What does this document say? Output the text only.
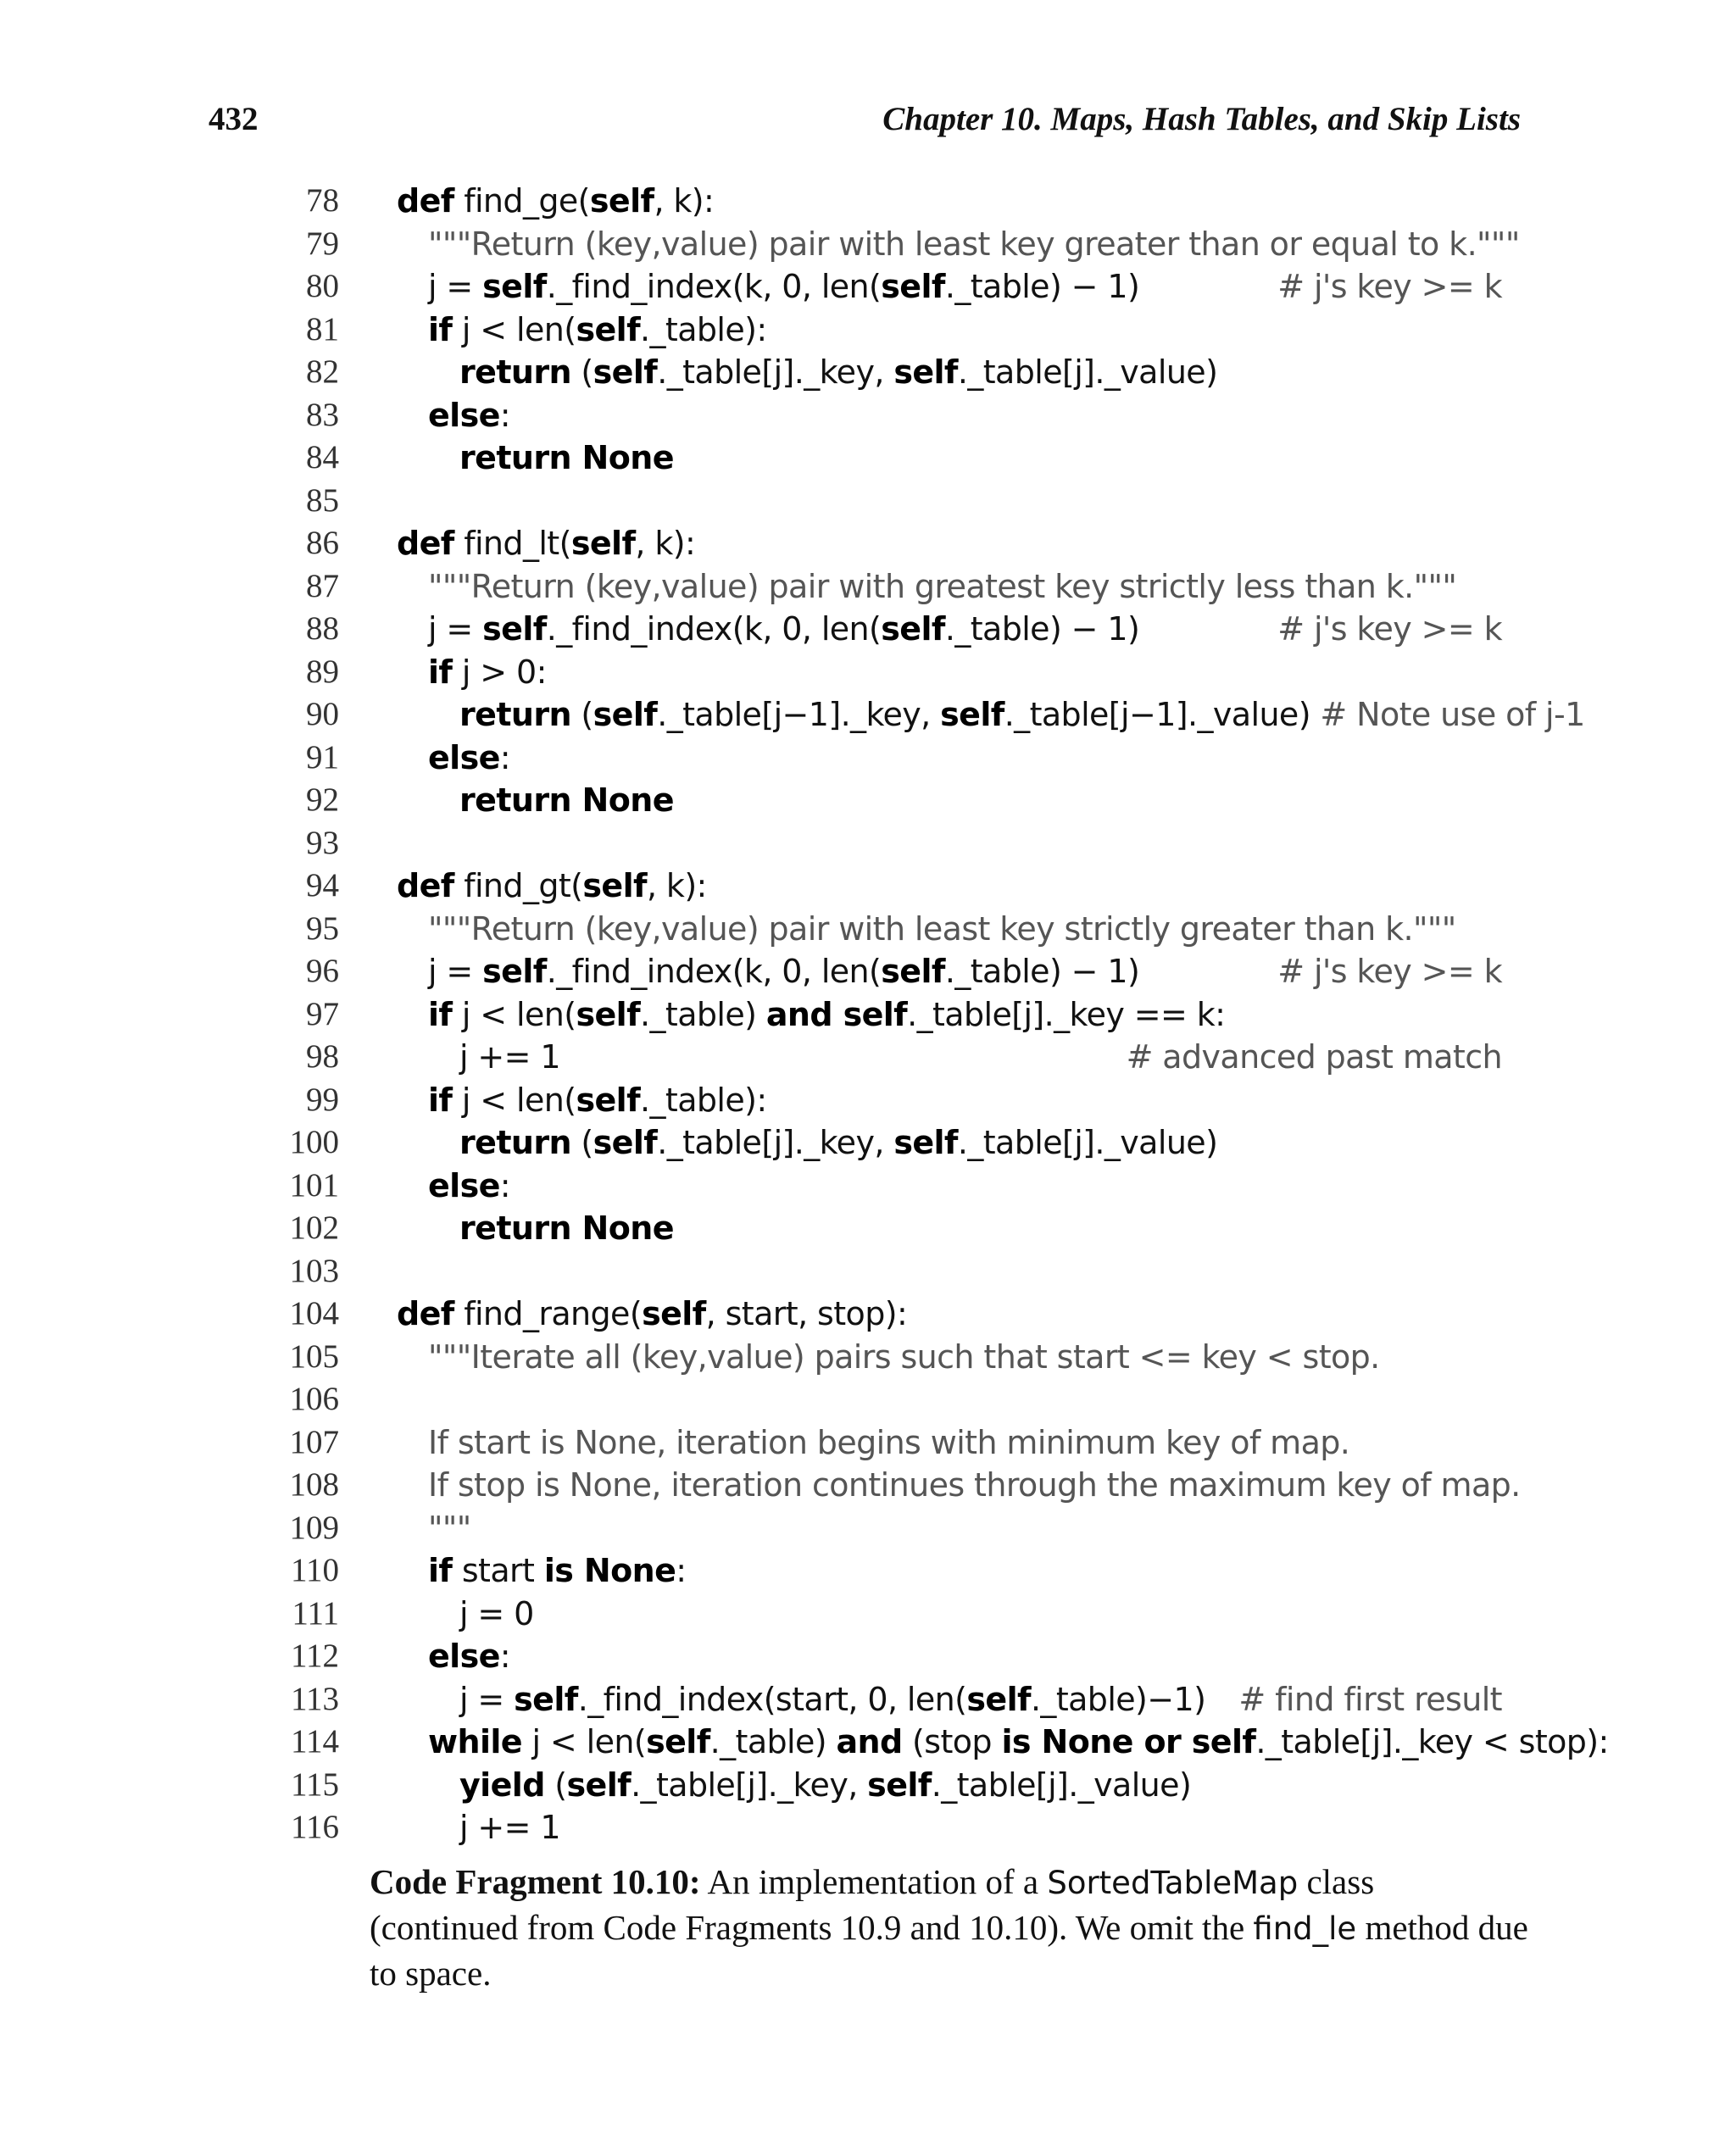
432	Chapter 10. Maps, Hash Tables, and Skip Lists
78 def find_ge(self, k):
79	"""Return (key,value) pair with least key greater than or equal to k."""
80	j = self._find_index(k, 0, len(self._table) − 1)	# j's key >= k
81	if j < len(self._table):
82	return (self._table[j]._key, self._table[j]._value)
83	else:
84	return None
85
86 def find_lt(self, k):
87	"""Return (key,value) pair with greatest key strictly less than k."""
88	j = self._find_index(k, 0, len(self._table) − 1)	# j's key >= k
89	if j > 0:
90	return (self._table[j−1]._key, self._table[j−1]._value) # Note use of j-1
91	else:
92	return None
93
94 def find_gt(self, k):
95	"""Return (key,value) pair with least key strictly greater than k."""
96	j = self._find_index(k, 0, len(self._table) − 1)	# j's key >= k
97	if j < len(self._table) and self._table[j]._key == k:
98	j += 1	# advanced past match
99	if j < len(self._table):
100	return (self._table[j]._key, self._table[j]._value)
101	else:
102	return None
103
104 def find_range(self, start, stop):
105	"""Iterate all (key,value) pairs such that start <= key < stop.
106
107	If start is None, iteration begins with minimum key of map.
108	If stop is None, iteration continues through the maximum key of map.
109	"""
110	if start is None:
111	j = 0
112	else:
113	j = self._find_index(start, 0, len(self._table)−1) # find first result
114	while j < len(self._table) and (stop is None or self._table[j]._key < stop):
115	yield (self._table[j]._key, self._table[j]._value)
116	j += 1
Code Fragment 10.10: An implementation of a SortedTableMap class (continued from Code Fragments 10.9 and 10.10). We omit the find_le method due to space.
